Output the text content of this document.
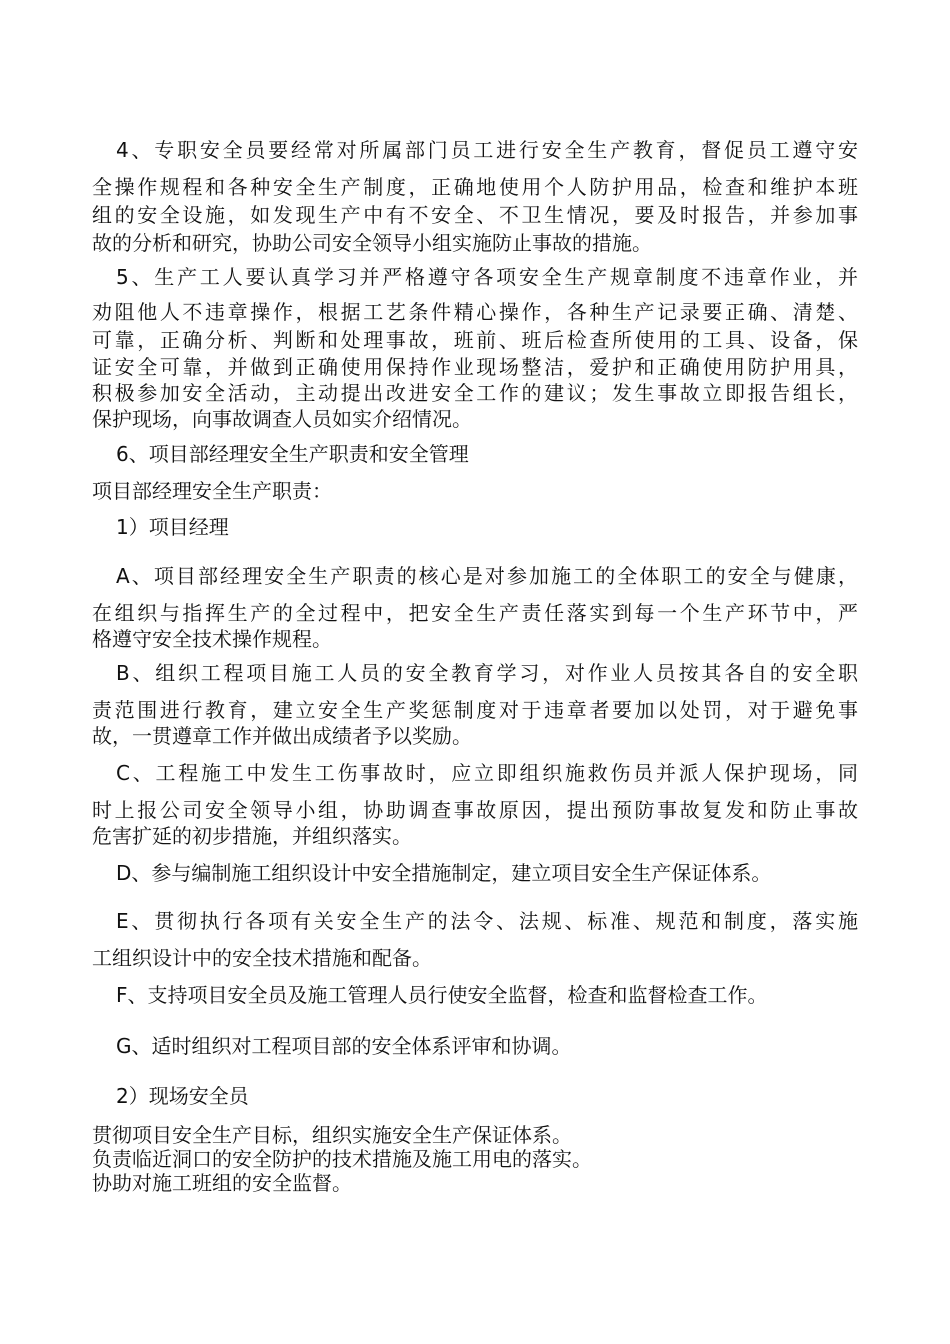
4、专职安全员要经常对所属部门员工进行安全生产教育，督促员工遵守安
全操作规程和各种安全生产制度，正确地使用个人防护用品，检查和维护本班
组的安全设施，如发现生产中有不安全、不卫生情况，要及时报告，并参加事
故的分析和研究，协助公司安全领导小组实施防止事故的措施。
5、生产工人要认真学习并严格遵守各项安全生产规章制度不违章作业，并
劝阻他人不违章操作，根据工艺条件精心操作，各种生产记录要正确、清楚、
可靠，正确分析、判断和处理事故，班前、班后检查所使用的工具、设备，保
证安全可靠，并做到正确使用保持作业现场整洁，爱护和正确使用防护用具，
积极参加安全活动，主动提出改进安全工作的建议；发生事故立即报告组长，
保护现场，向事故调查人员如实介绍情况。
6、项目部经理安全生产职责和安全管理
项目部经理安全生产职责：
1）项目经理
A、项目部经理安全生产职责的核心是对参加施工的全体职工的安全与健康，
在组织与指挥生产的全过程中，把安全生产责任落实到每一个生产环节中，严
格遵守安全技术操作规程。
B、组织工程项目施工人员的安全教育学习，对作业人员按其各自的安全职
责范围进行教育，建立安全生产奖惩制度对于违章者要加以处罚，对于避免事
故，一贯遵章工作并做出成绩者予以奖励。
C、工程施工中发生工伤事故时，应立即组织施救伤员并派人保护现场，同
时上报公司安全领导小组，协助调查事故原因，提出预防事故复发和防止事故
危害扩延的初步措施，并组织落实。
D、参与编制施工组织设计中安全措施制定，建立项目安全生产保证体系。
E、贯彻执行各项有关安全生产的法令、法规、标准、规范和制度，落实施
工组织设计中的安全技术措施和配备。
F、支持项目安全员及施工管理人员行使安全监督，检查和监督检查工作。
G、适时组织对工程项目部的安全体系评审和协调。
2）现场安全员
贯彻项目安全生产目标，组织实施安全生产保证体系。
负责临近洞口的安全防护的技术措施及施工用电的落实。
协助对施工班组的安全监督。
